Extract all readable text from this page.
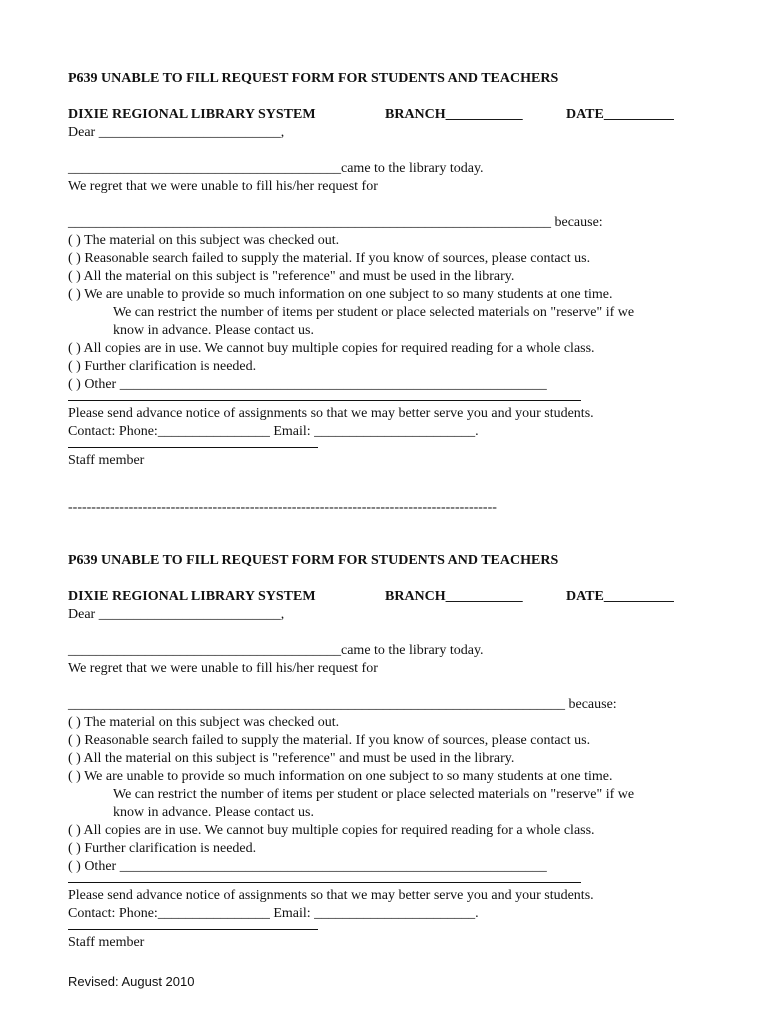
P639 UNABLE TO FILL REQUEST FORM FOR STUDENTS AND TEACHERS
DIXIE REGIONAL LIBRARY SYSTEM	BRANCH___________	DATE__________
Dear __________________________,
_______________________________________came to the library today.
We regret that we were unable to fill his/her request for
_____________________________________________________________________ because:
( ) The material on this subject was checked out.
( ) Reasonable search failed to supply the material. If you know of sources, please contact us.
( ) All the material on this subject is "reference" and must be used in the library.
( ) We are unable to provide so much information on one subject to so many students at one time.
We can restrict the number of items per student or place selected materials on "reserve" if we
know in advance. Please contact us.
( ) All copies are in use. We cannot buy multiple copies for required reading for a whole class.
( ) Further clarification is needed.
( ) Other _____________________________________________________________
Please send advance notice of assignments so that we may better serve you and your students.
Contact: Phone:________________ Email: _______________________.
Staff member
--------------------------------------------------------------------------------------------
P639 UNABLE TO FILL REQUEST FORM FOR STUDENTS AND TEACHERS
DIXIE REGIONAL LIBRARY SYSTEM	BRANCH___________	DATE__________
Dear __________________________,
_______________________________________came to the library today.
We regret that we were unable to fill his/her request for
_______________________________________________________________________ because:
( ) The material on this subject was checked out.
( ) Reasonable search failed to supply the material. If you know of sources, please contact us.
( ) All the material on this subject is "reference" and must be used in the library.
( ) We are unable to provide so much information on one subject to so many students at one time.
We can restrict the number of items per student or place selected materials on "reserve" if we
know in advance. Please contact us.
( ) All copies are in use. We cannot buy multiple copies for required reading for a whole class.
( ) Further clarification is needed.
( ) Other _____________________________________________________________
Please send advance notice of assignments so that we may better serve you and your students.
Contact: Phone:________________ Email: _______________________.
Staff member
Revised: August 2010
